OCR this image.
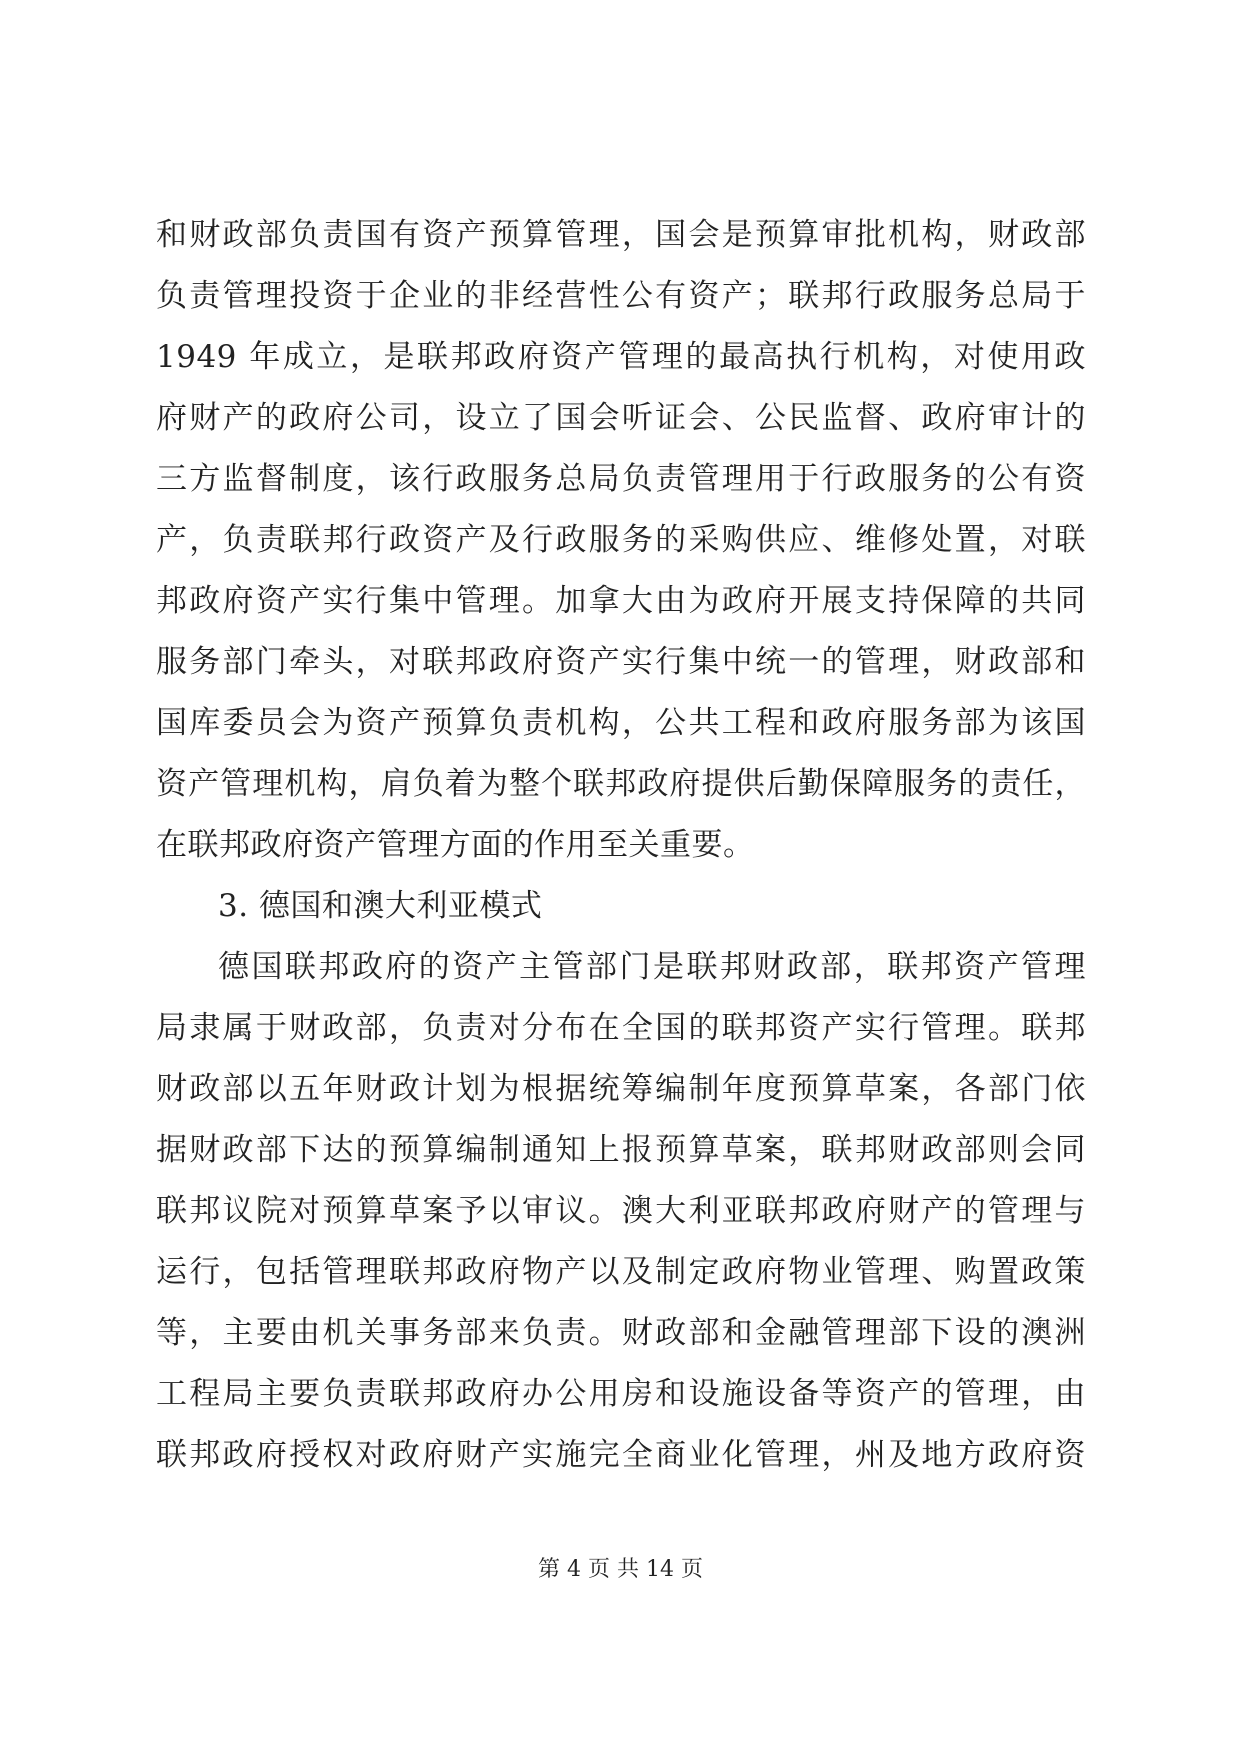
和财政部负责国有资产预算管理，国会是预算审批机构，财政部
负责管理投资于企业的非经营性公有资产；联邦行政服务总局于
1949 年成立，是联邦政府资产管理的最高执行机构，对使用政
府财产的政府公司，设立了国会听证会、公民监督、政府审计的
三方监督制度，该行政服务总局负责管理用于行政服务的公有资
产，负责联邦行政资产及行政服务的采购供应、维修处置，对联
邦政府资产实行集中管理。加拿大由为政府开展支持保障的共同
服务部门牵头，对联邦政府资产实行集中统一的管理，财政部和
国库委员会为资产预算负责机构，公共工程和政府服务部为该国
资产管理机构，肩负着为整个联邦政府提供后勤保障服务的责任，
在联邦政府资产管理方面的作用至关重要。
3. 德国和澳大利亚模式
德国联邦政府的资产主管部门是联邦财政部，联邦资产管理
局隶属于财政部，负责对分布在全国的联邦资产实行管理。联邦
财政部以五年财政计划为根据统筹编制年度预算草案，各部门依
据财政部下达的预算编制通知上报预算草案，联邦财政部则会同
联邦议院对预算草案予以审议。澳大利亚联邦政府财产的管理与
运行，包括管理联邦政府物产以及制定政府物业管理、购置政策
等，主要由机关事务部来负责。财政部和金融管理部下设的澳洲
工程局主要负责联邦政府办公用房和设施设备等资产的管理，由
联邦政府授权对政府财产实施完全商业化管理，州及地方政府资
第 4 页 共 14 页
